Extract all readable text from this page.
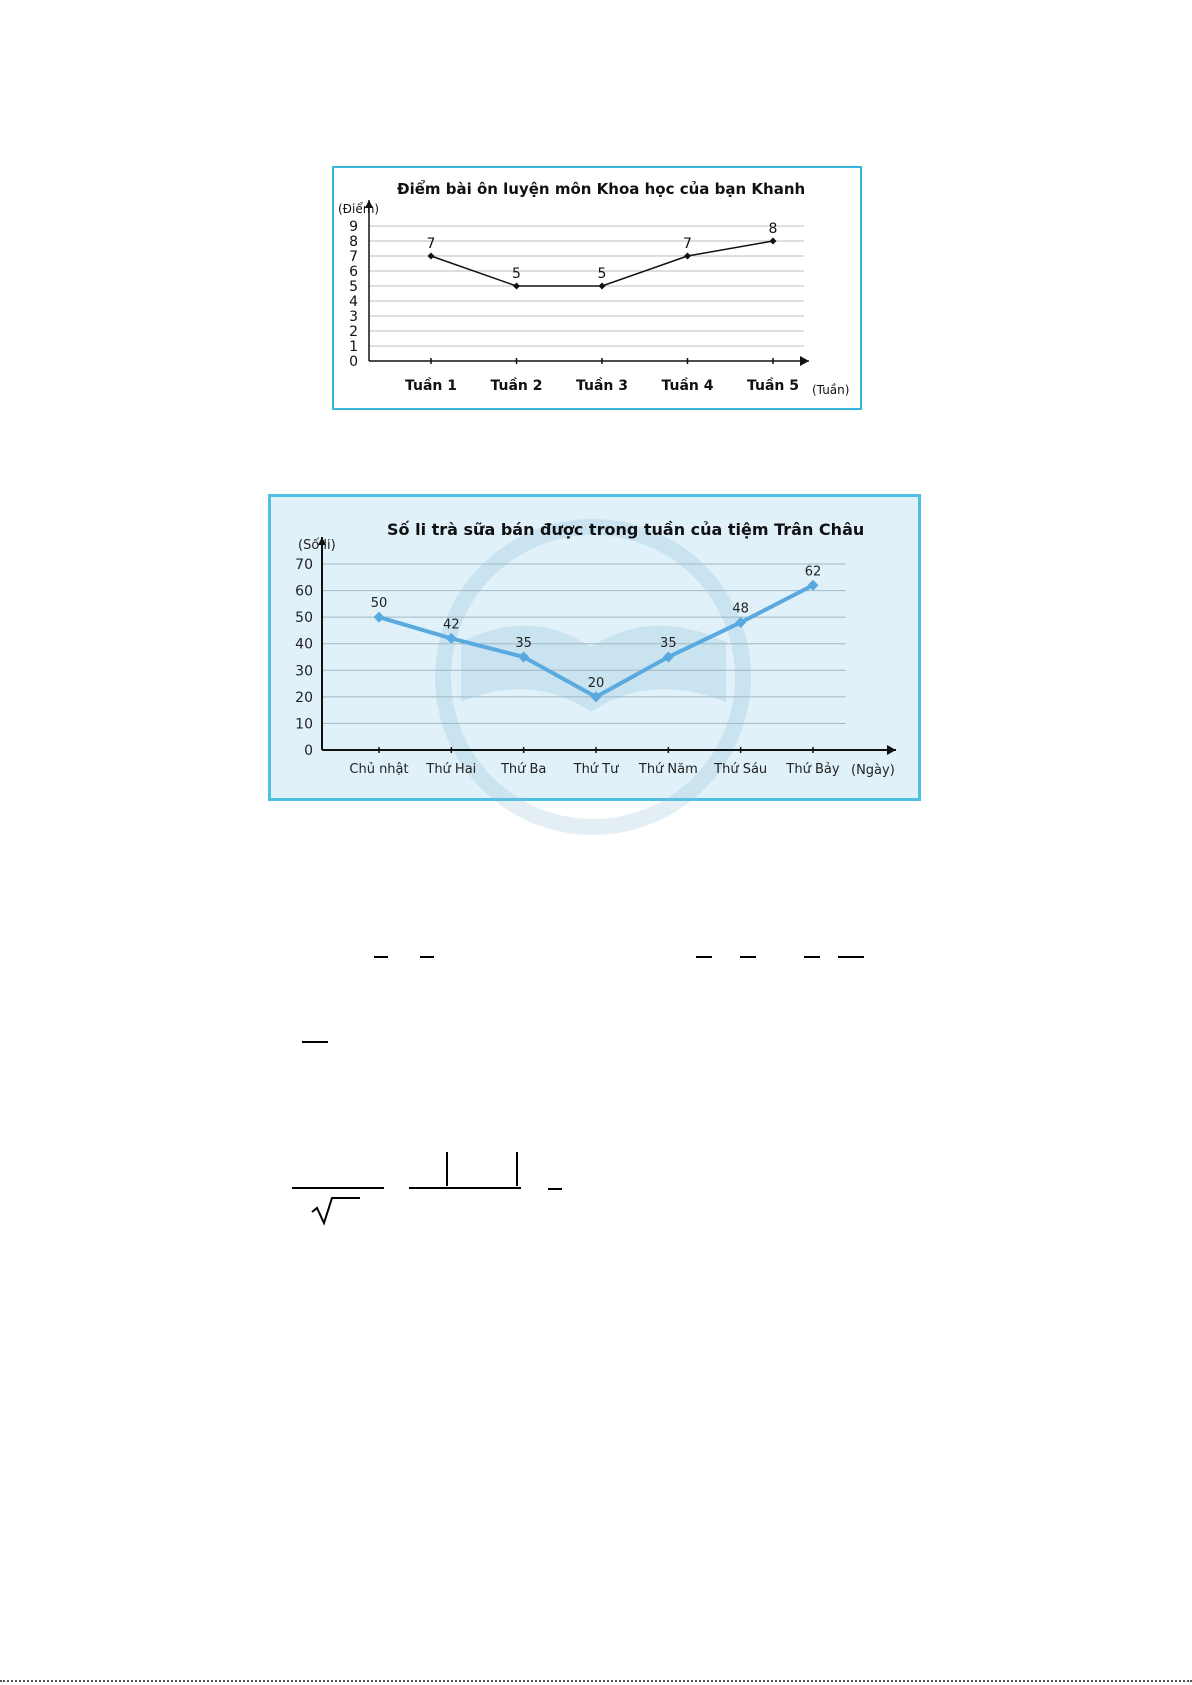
Điểm bài ôn luyện môn Khoa học của bạn Khanh
0
1
2
3
4
5
6
7
8
9
Tuần 1 Tuần 2 Tuần 3 Tuần 4 Tuần 5
(Điểm)
(Tuần)
7
5	5
7
8
Số li trà sữa bán được trong tuần của tiệm Trân Châu
0
10
20
30
40
50
60
70
Chủ nhật Thứ Hai Thứ Ba Thứ Tư Thứ Năm Thứ Sáu Thứ Bảy
(Số li)
(Ngày)
50
42
35
20
35
48
62
